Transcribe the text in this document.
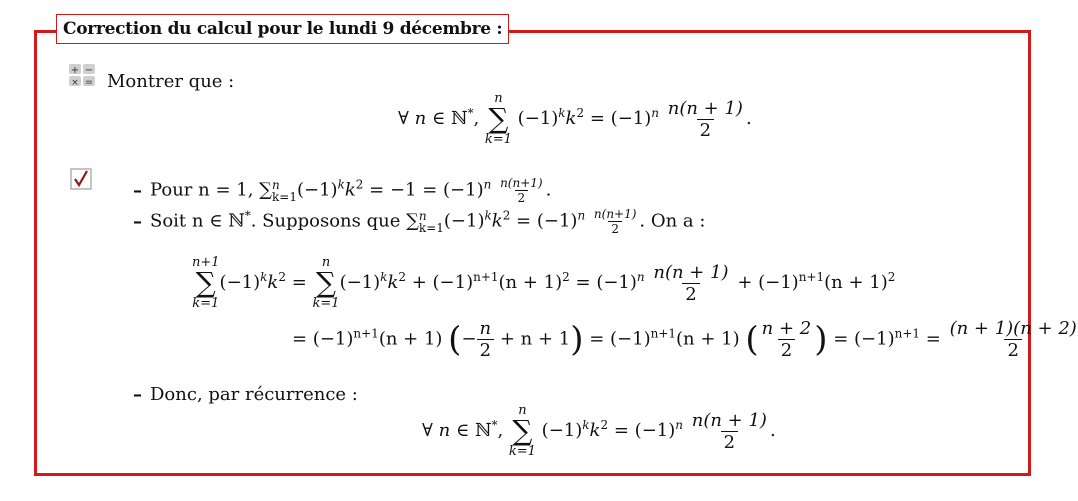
Correction du calcul pour le lundi 9 décembre :
+ −
× = Montrer que :
∀ n ∈ ℕ*,
n
∑
k=1
$(-1)^kk^2 = (-1)^n \frac{n(n + 1)}{2}$ .
– Pour n = 1, ∑ n
k=1 $(-1)^kk^2 = -1 = (-1)^n \frac{n(n+1)}{2}$ .
– Soit n ∈ ℕ*. Supposons que ∑ n
k=1 $(-1)^kk^2 = (-1)^n \frac{n(n+1)}{2}$ . On a :
n+1
∑
k=1
$(-1)^kk^2$ =
n
∑
k=1
$(-1)^kk^2 + (-1)^{n+1}(n + 1)^2 = (-1)^n \frac{n(n + 1)}{2} + (-1)^{n+1}(n + 1)^2$
= $(-1)^{n+1}(n + 1)$ (− $\frac{n}{2} + n + 1) = (-1)^{n+1}(n + 1)$ ( $\frac{n + 2}{2}$ ) = $(-1)^{n+1} = \frac{(n + 1)(n + 2)}{2}$
– Donc, par récurrence :
∀ n ∈ ℕ*,
n
∑
k=1
$(-1)^kk^2 = (-1)^n \frac{n(n + 1)}{2}$ .
